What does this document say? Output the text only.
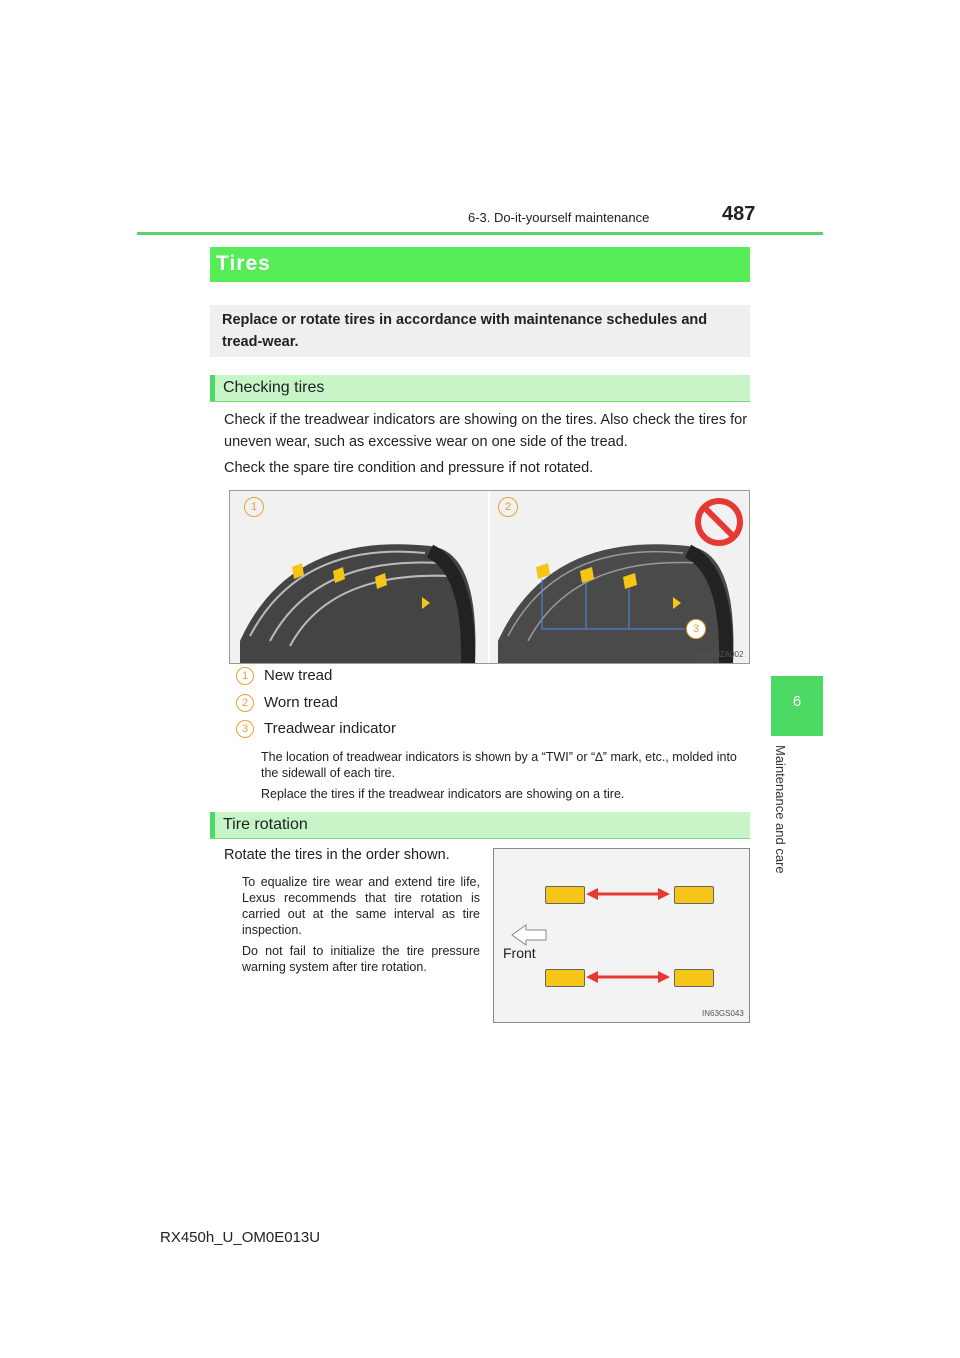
6-3. Do-it-yourself maintenance	487
6
Maintenance and care
Tires
Replace or rotate tires in accordance with maintenance schedules and tread-wear.
Checking tires
Check if the treadwear indicators are showing on the tires. Also check the tires for uneven wear, such as excessive wear on one side of the tread.
Check the spare tire condition and pressure if not rotated.
1	2
3
CLY63ZA002
1 New tread
2 Worn tread
3 Treadwear indicator
The location of treadwear indicators is shown by a “TWI” or “∆” mark, etc., molded into the sidewall of each tire.
Replace the tires if the treadwear indicators are showing on a tire.
Tire rotation
Rotate the tires in the order shown.
To equalize tire wear and extend tire life, Lexus recommends that tire rotation is carried out at the same interval as tire inspection.
Do not fail to initialize the tire pressure warning system after tire rotation.
Front
IN63GS043
RX450h_U_OM0E013U
